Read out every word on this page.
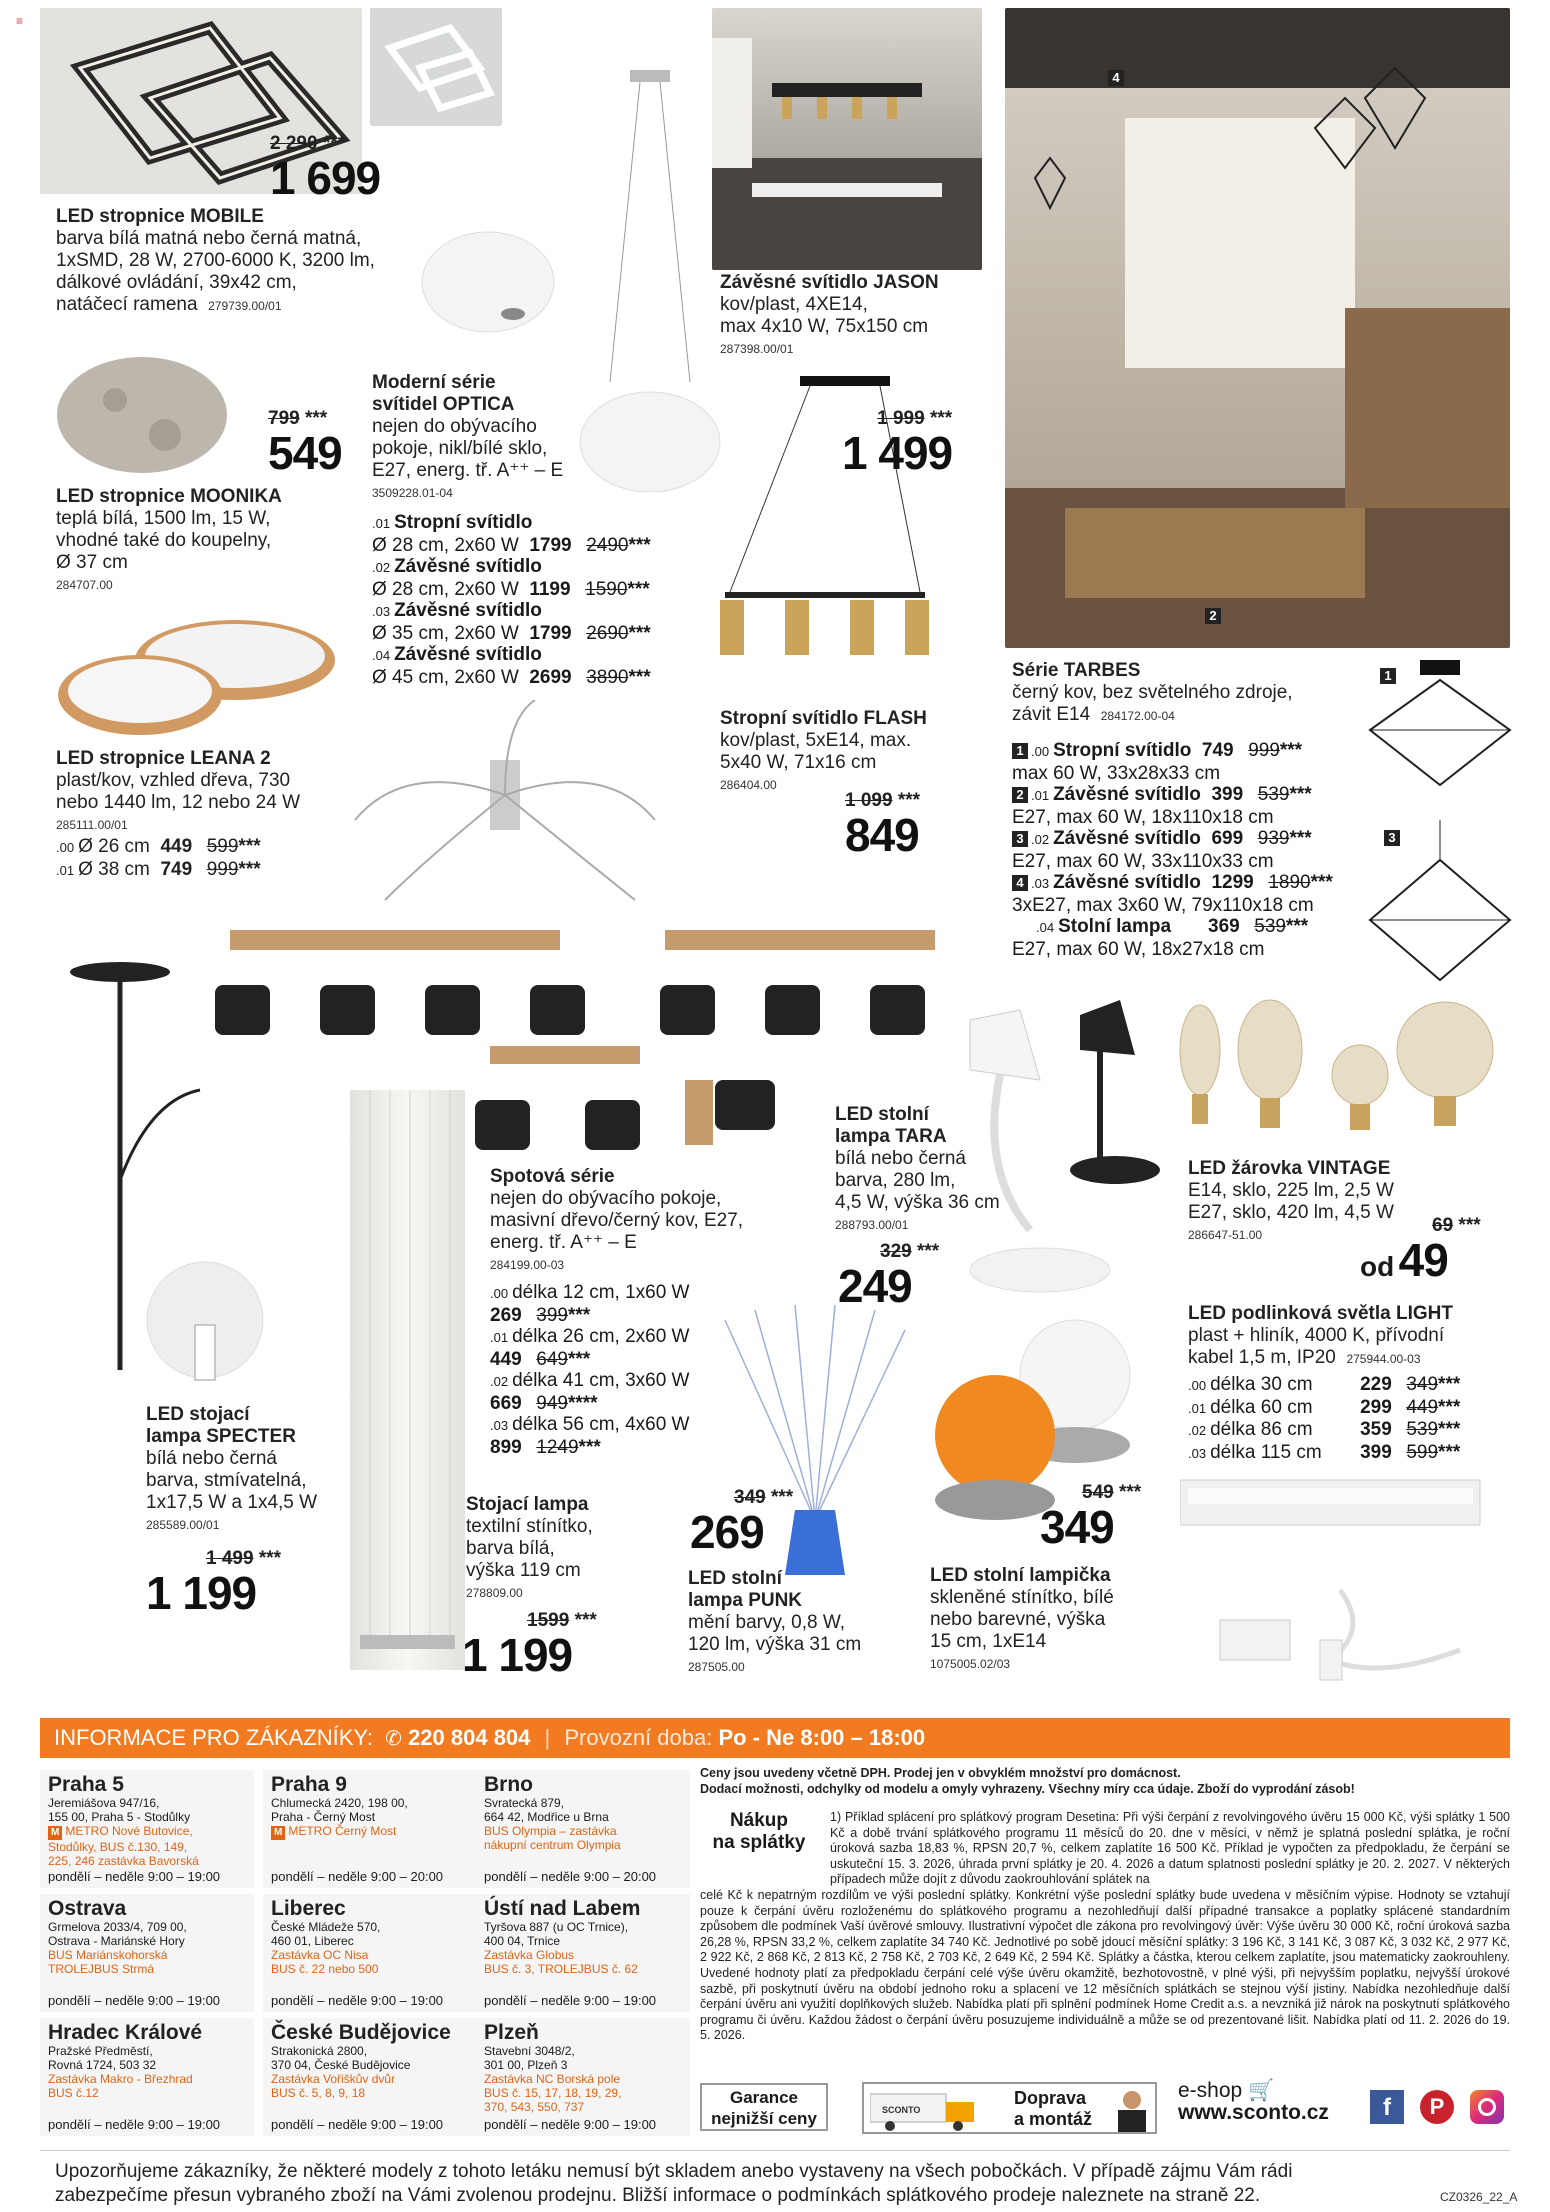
≡
4
2
1
3
2 290 ***
1 699
LED stropnice MOBILE
barva bílá matná nebo černá matná,
1xSMD, 28 W, 2700-6000 K, 3200 lm,
dálkové ovládání, 39x42 cm,
natáčecí ramena 279739.00/01
Závěsné svítidlo JASON
kov/plast, 4XE14,
max 4x10 W, 75x150 cm
287398.00/01
1 999 ***
1 499
799 ***
549
LED stropnice MOONIKA
teplá bílá, 1500 lm, 15 W,
vhodné také do koupelny,
Ø 37 cm
284707.00
Moderní série
svítidel OPTICA
nejen do obývacího
pokoje, nikl/bílé sklo,
E27, energ. tř. A⁺⁺ – E
3509228.01-04
.01 Stropní svítidlo
Ø 28 cm, 2x60 W 1799 2490***
.02 Závěsné svítidlo
Ø 28 cm, 2x60 W 1199 1590***
.03 Závěsné svítidlo
Ø 35 cm, 2x60 W 1799 2690***
.04 Závěsné svítidlo
Ø 45 cm, 2x60 W 2699 3890***
LED stropnice LEANA 2
plast/kov, vzhled dřeva, 730
nebo 1440 lm, 12 nebo 24 W
285111.00/01
.00 Ø 26 cm 449 599***
.01 Ø 38 cm 749 999***
Stropní svítidlo FLASH
kov/plast, 5xE14, max.
5x40 W, 71x16 cm
286404.00
1 099 ***
849
Série TARBES
černý kov, bez světelného zdroje,
závit E14 284172.00-04
1 .00 Stropní svítidlo 749 999***
max 60 W, 33x28x33 cm
2 .01 Závěsné svítidlo 399 539***
E27, max 60 W, 18x110x18 cm
3 .02 Závěsné svítidlo 699 939***
E27, max 60 W, 33x110x33 cm
4 .03 Závěsné svítidlo 1299 1890***
3xE27, max 3x60 W, 79x110x18 cm
.04 Stolní lampa 369 539***
E27, max 60 W, 18x27x18 cm
LED stojací
lampa SPECTER
bílá nebo černá
barva, stmívatelná,
1x17,5 W a 1x4,5 W
285589.00/01
1 499 ***
1 199
Spotová série
nejen do obývacího pokoje,
masivní dřevo/černý kov, E27,
energ. tř. A⁺⁺ – E
284199.00-03
.00 délka 12 cm, 1x60 W
269 399***
.01 délka 26 cm, 2x60 W
449 649***
.02 délka 41 cm, 3x60 W
669 949****
.03 délka 56 cm, 4x60 W
899 1249***
Stojací lampa
textilní stínítko,
barva bílá,
výška 119 cm
278809.00
1599 ***
1 199
LED stolní
lampa TARA
bílá nebo černá
barva, 280 lm,
4,5 W, výška 36 cm
288793.00/01
329 ***
249
LED žárovka VINTAGE
E14, sklo, 225 lm, 2,5 W
E27, sklo, 420 lm, 4,5 W
286647-51.00	69 ***
od 49
LED podlinková světla LIGHT
plast + hliník, 4000 K, přívodní
kabel 1,5 m, IP20 275944.00-03
.00 délka 30 cm	229 349***
.01 délka 60 cm	299 449***
.02 délka 86 cm	359 539***
.03 délka 115 cm 399 599***
349 ***
269
LED stolní
lampa PUNK
mění barvy, 0,8 W,
120 lm, výška 31 cm
287505.00
549 ***
349
LED stolní lampička
skleněné stínítko, bílé
nebo barevné, výška
15 cm, 1xE14
1075005.02/03
INFORMACE PRO ZÁKAZNÍKY: ✆ 220 804 804 | Provozní doba: Po - Ne 8:00 – 18:00
Praha 5
Jeremiášova 947/16,
155 00, Praha 5 - Stodůlky
M METRO Nové Butovice,
Stodůlky, BUS č.130, 149,
225, 246 zastávka Bavorská
pondělí – neděle 9:00 – 19:00
Praha 9
Chlumecká 2420, 198 00,
Praha - Černý Most
M METRO Černý Most
pondělí – neděle 9:00 – 20:00
Brno
Svratecká 879,
664 42, Modřice u Brna
BUS Olympia – zastávka
nákupní centrum Olympia
pondělí – neděle 9:00 – 20:00
Ostrava
Grmelova 2033/4, 709 00,
Ostrava - Mariánské Hory
BUS Mariánskohorská
TROLEJBUS Strmá
pondělí – neděle 9:00 – 19:00
Liberec
České Mládeže 570,
460 01, Liberec
Zastávka OC Nisa
BUS č. 22 nebo 500
pondělí – neděle 9:00 – 19:00
Ústí nad Labem
Tyršova 887 (u OC Trnice),
400 04, Trnice
Zastávka Globus
BUS č. 3, TROLEJBUS č. 62
pondělí – neděle 9:00 – 19:00
Hradec Králové
Pražské Předměstí,
Rovná 1724, 503 32
Zastávka Makro - Březhrad
BUS č.12
pondělí – neděle 9:00 – 19:00
České Budějovice
Strakonická 2800,
370 04, České Budějovice
Zastávka Vořiškův dvůr
BUS č. 5, 8, 9, 18
pondělí – neděle 9:00 – 19:00
Plzeň
Stavební 3048/2,
301 00, Plzeň 3
Zastávka NC Borská pole
BUS č. 15, 17, 18, 19, 29,
370, 543, 550, 737
pondělí – neděle 9:00 – 19:00
Ceny jsou uvedeny včetně DPH. Prodej jen v obvyklém množství pro domácnost.
Dodací možnosti, odchylky od modelu a omyly vyhrazeny. Všechny míry cca údaje. Zboží do vyprodání zásob!
Nákup
na splátky
1) Příklad splácení pro splátkový program Desetina: Při výši čerpání z revolvingového úvěru 15 000 Kč, výši splátky 1 500 Kč a době trvání splátkového programu 11 měsíců do 20. dne v měsíci, v němž je splatná poslední splátka, je roční úroková sazba 18,83 %, RPSN 20,7 %, celkem zaplatíte 16 500 Kč. Příklad je vypočten za předpokladu, že čerpání se uskuteční 15. 3. 2026, úhrada první splátky je 20. 4. 2026 a datum splatnosti poslední splátky je 20. 2. 2027. V některých případech může dojít z důvodu zaokrouhlování splátek na
celé Kč k nepatrným rozdílům ve výši poslední splátky. Konkrétní výše poslední splátky bude uvedena v měsíčním výpise. Hodnoty se vztahují pouze k čerpání úvěru rozloženému do splátkového programu a nezohledňují další případné transakce a poplatky splácené standardním způsobem dle podmínek Vaší úvěrové smlouvy. Ilustrativní výpočet dle zákona pro revolvingový úvěr: Výše úvěru 30 000 Kč, roční úroková sazba 26,28 %, RPSN 33,2 %, celkem zaplatíte 34 740 Kč. Jednotlivé po sobě jdoucí měsíční splátky: 3 196 Kč, 3 141 Kč, 3 087 Kč, 3 032 Kč, 2 977 Kč, 2 922 Kč, 2 868 Kč, 2 813 Kč, 2 758 Kč, 2 703 Kč, 2 649 Kč, 2 594 Kč. Splátky a částka, kterou celkem zaplatíte, jsou matematicky zaokrouhleny. Uvedené hodnoty platí za předpokladu čerpání celé výše úvěru okamžitě, bezhotovostně, v plné výši, při nejvyšším poplatku, nejvyšší úrokové sazbě, při poskytnutí úvěru na období jednoho roku a splacení ve 12 měsíčních splátkách se stejnou výší jistiny. Nabídka nezohledňuje další čerpání úvěru ani využití doplňkových služeb. Nabídka platí při splnění podmínek Home Credit a.s. a nevzniká již nárok na poskytnutí splátkového programu či úvěru. Každou žádost o čerpání úvěru posuzujeme individuálně a může se od prezentované lišit. Nabídka platí od 11. 2. 2026 do 19. 5. 2026.
Garance
nejnižší ceny	SCONTO
Doprava
a montáž
e-shop 🛒
www.sconto.cz	f	P
Upozorňujeme zákazníky, že některé modely z tohoto letáku nemusí být skladem anebo vystaveny na všech pobočkách. V případě zájmu Vám rádi
zabezpečíme přesun vybraného zboží na Vámi zvolenou prodejnu. Bližší informace o podmínkách splátkového prodeje naleznete na straně 22.	CZ0326_22_A
